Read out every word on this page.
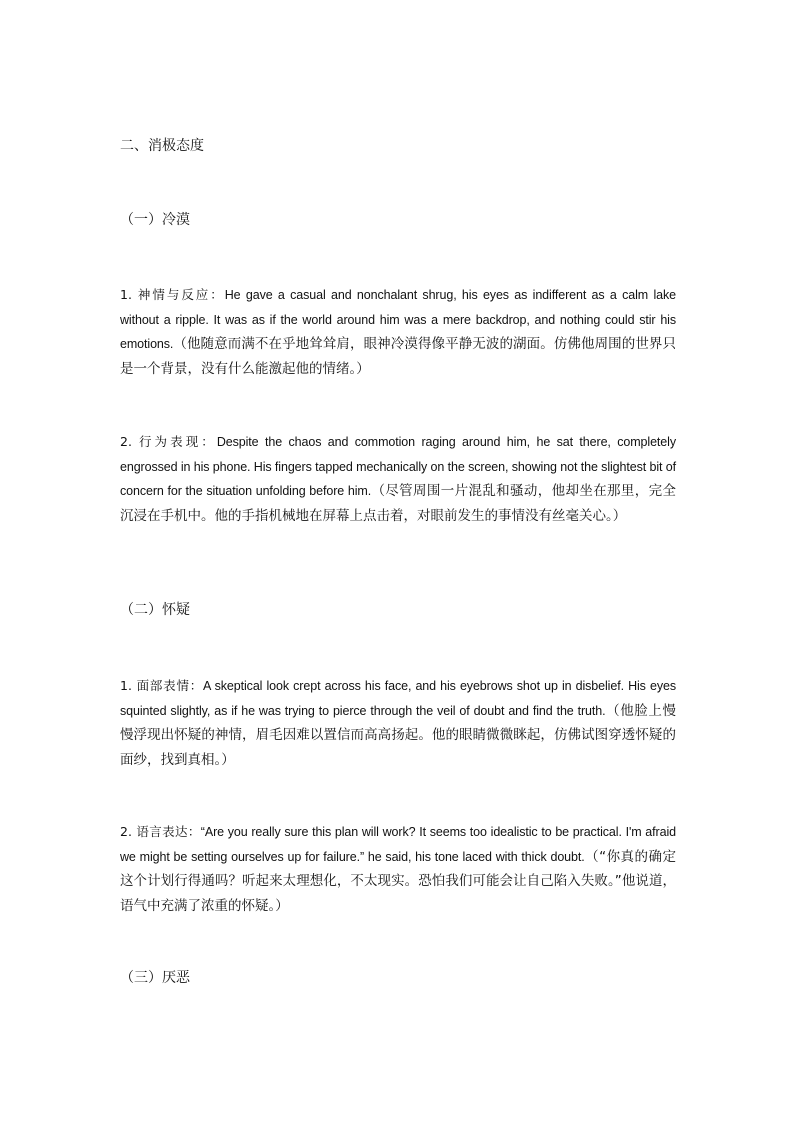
二、消极态度
（一）冷漠

1. 神情与反应：He gave a casual and nonchalant shrug, his eyes as indifferent as a calm lake without a ripple. It was as if the world around him was a mere backdrop, and nothing could stir his emotions.（他随意而满不在乎地耸耸肩，眼神冷漠得像平静无波的湖面。仿佛他周围的世界只是一个背景，没有什么能激起他的情绪。）

2. 行为表现：Despite the chaos and commotion raging around him, he sat there, completely engrossed in his phone. His fingers tapped mechanically on the screen, showing not the slightest bit of concern for the situation unfolding before him.（尽管周围一片混乱和骚动，他却坐在那里，完全沉浸在手机中。他的手指机械地在屏幕上点击着，对眼前发生的事情没有丝毫关心。）

（二）怀疑

1. 面部表情：A skeptical look crept across his face, and his eyebrows shot up in disbelief. His eyes squinted slightly, as if he was trying to pierce through the veil of doubt and find the truth.（他脸上慢慢浮现出怀疑的神情，眉毛因难以置信而高高扬起。他的眼睛微微眯起，仿佛试图穿透怀疑的面纱，找到真相。）

2. 语言表达：“Are you really sure this plan will work? It seems too idealistic to be practical. I'm afraid we might be setting ourselves up for failure.” he said, his tone laced with thick doubt.（“你真的确定这个计划行得通吗？听起来太理想化，不太现实。恐怕我们可能会让自己陷入失败。”他说道，语气中充满了浓重的怀疑。）

（三）厌恶
